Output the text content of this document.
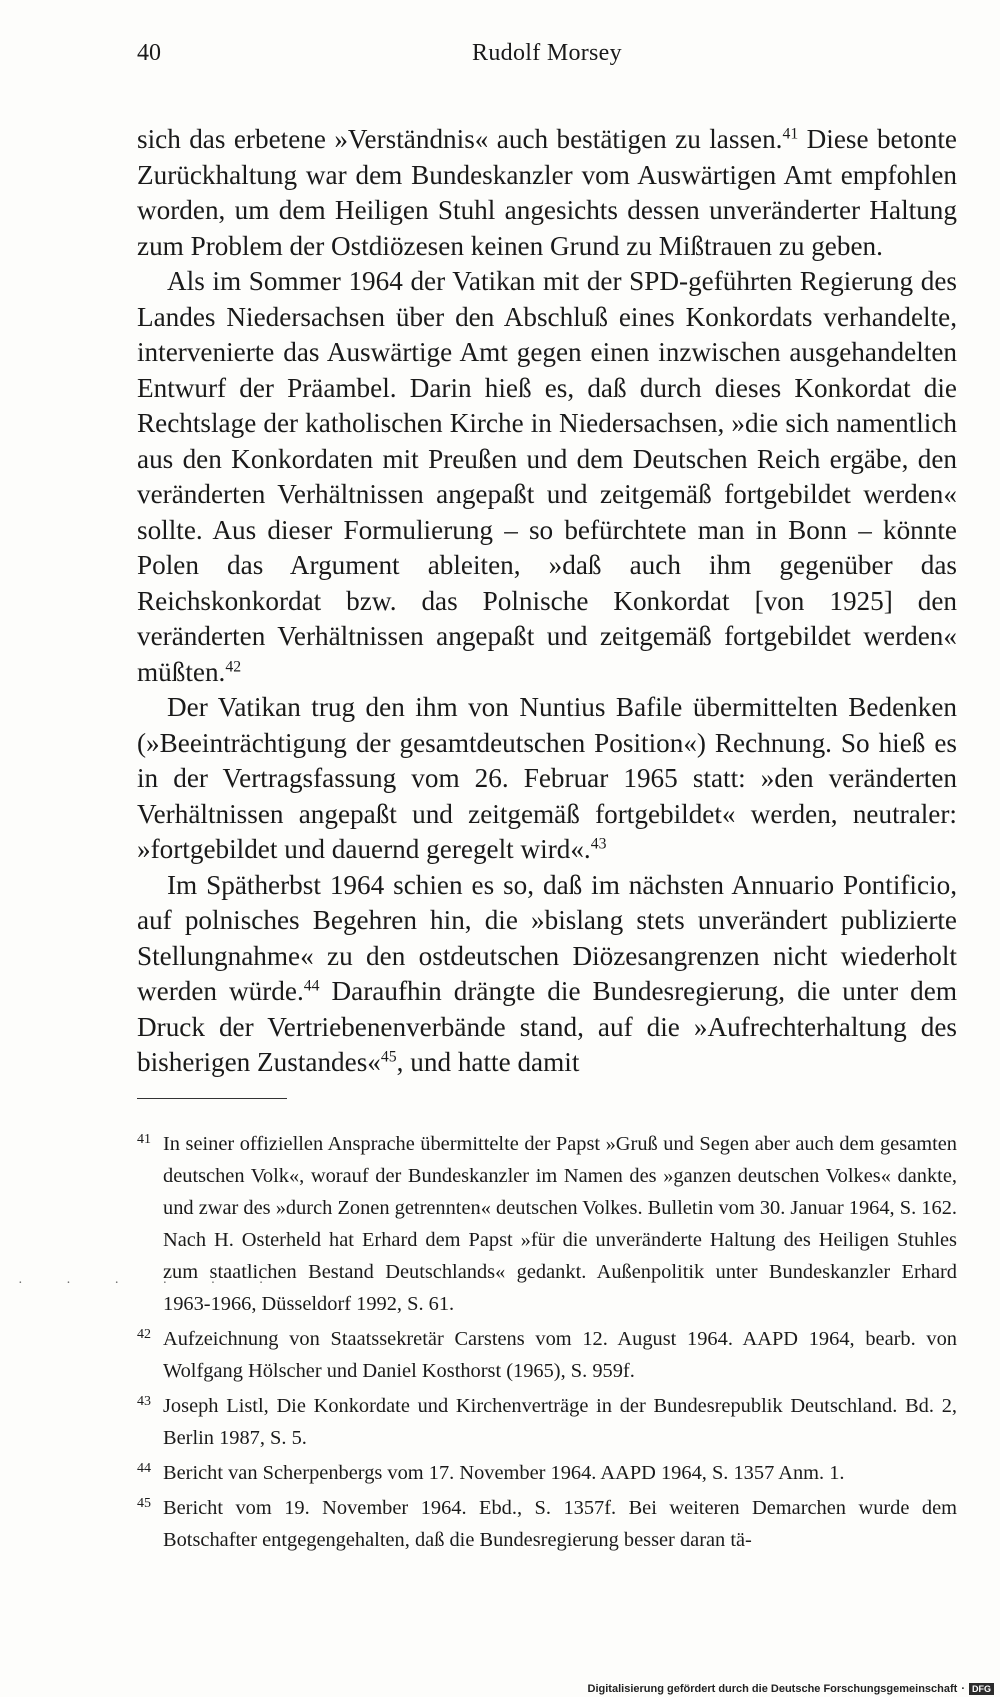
40	Rudolf Morsey

sich das erbetene »Verständnis« auch bestätigen zu lassen.$^{41}$ Diese betonte Zurückhaltung war dem Bundeskanzler vom Auswärtigen Amt empfohlen worden, um dem Heiligen Stuhl angesichts dessen unveränderter Haltung zum Problem der Ostdiözesen keinen Grund zu Mißtrauen zu geben.

Als im Sommer 1964 der Vatikan mit der SPD-geführten Regierung des Landes Niedersachsen über den Abschluß eines Konkordats verhandelte, intervenierte das Auswärtige Amt gegen einen inzwischen ausgehandelten Entwurf der Präambel. Darin hieß es, daß durch dieses Konkordat die Rechtslage der katholischen Kirche in Niedersachsen, »die sich namentlich aus den Konkordaten mit Preußen und dem Deutschen Reich ergäbe, den veränderten Verhältnissen angepaßt und zeitgemäß fortgebildet werden« sollte. Aus dieser Formulierung – so befürchtete man in Bonn – könnte Polen das Argument ableiten, »daß auch ihm gegenüber das Reichskonkordat bzw. das Polnische Konkordat [von 1925] den veränderten Verhältnissen angepaßt und zeitgemäß fortgebildet werden« müßten.$^{42}$

Der Vatikan trug den ihm von Nuntius Bafile übermittelten Bedenken (»Beeinträchtigung der gesamtdeutschen Position«) Rechnung. So hieß es in der Vertragsfassung vom 26. Februar 1965 statt: »den veränderten Verhältnissen angepaßt und zeitgemäß fortgebildet« werden, neutraler: »fortgebildet und dauernd geregelt wird«.$^{43}$

Im Spätherbst 1964 schien es so, daß im nächsten Annuario Pontificio, auf polnisches Begehren hin, die »bislang stets unverändert publizierte Stellungnahme« zu den ostdeutschen Diözesangrenzen nicht wiederholt werden würde.$^{44}$ Daraufhin drängte die Bundesregierung, die unter dem Druck der Vertriebenenverbände stand, auf die »Aufrechterhaltung des bisherigen Zustandes«$^{45}$, und hatte damit

41 In seiner offiziellen Ansprache übermittelte der Papst »Gruß und Segen aber auch dem gesamten deutschen Volk«, worauf der Bundeskanzler im Namen des »ganzen deutschen Volkes« dankte, und zwar des »durch Zonen getrennten« deutschen Volkes. Bulletin vom 30. Januar 1964, S. 162. Nach H. Osterheld hat Erhard dem Papst »für die unveränderte Haltung des Heiligen Stuhles zum staatlichen Bestand Deutschlands« gedankt. Außenpolitik unter Bundeskanzler Erhard 1963-1966, Düsseldorf 1992, S. 61.

42 Aufzeichnung von Staatssekretär Carstens vom 12. August 1964. AAPD 1964, bearb. von Wolfgang Hölscher und Daniel Kosthorst (1965), S. 959f.

43 Joseph Listl, Die Konkordate und Kirchenverträge in der Bundesrepublik Deutschland. Bd. 2, Berlin 1987, S. 5.

44 Bericht van Scherpenbergs vom 17. November 1964. AAPD 1964, S. 1357 Anm. 1.

45 Bericht vom 19. November 1964. Ebd., S. 1357f. Bei weiteren Demarchen wurde dem Botschafter entgegengehalten, daß die Bundesregierung besser daran tä-

· · · · · ·
Digitalisierung gefördert durch die Deutsche Forschungsgemeinschaft · DFG
